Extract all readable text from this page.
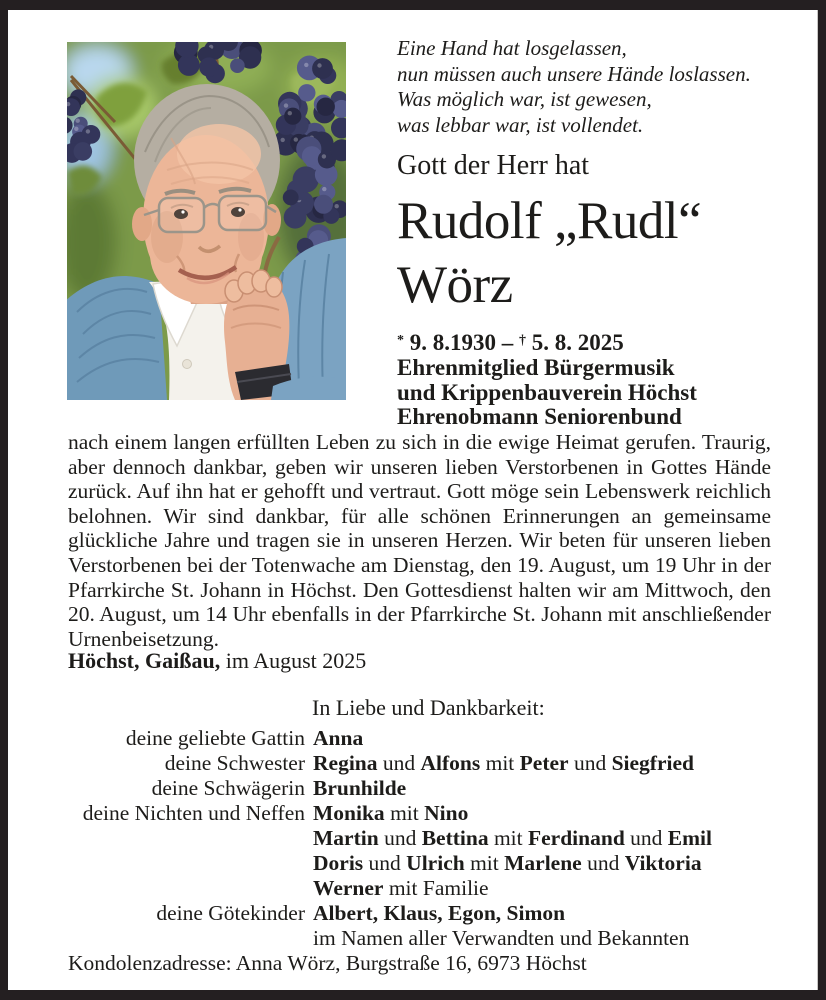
Eine Hand hat losgelassen,
nun müssen auch unsere Hände loslassen.
Was möglich war, ist gewesen,
was lebbar war, ist vollendet.
Gott der Herr hat
Rudolf „Rudl“
Wörz
* 9. 8.1930 – † 5. 8. 2025
Ehrenmitglied Bürgermusik
und Krippenbauverein Höchst
Ehrenobmann Seniorenbund
nach einem langen erfüllten Leben zu sich in die ewige Heimat gerufen. Traurig, aber dennoch dankbar, geben wir unseren lieben Verstorbenen in Gottes Hände zurück. Auf ihn hat er gehofft und vertraut. Gott möge sein Lebenswerk reichlich belohnen. Wir sind dankbar, für alle schönen Erinnerungen an gemeinsame glückliche Jahre und tragen sie in unseren Herzen. Wir beten für unseren lieben Verstorbenen bei der Totenwache am Dienstag, den 19. August, um 19 Uhr in der Pfarrkirche St. Johann in Höchst. Den Gottesdienst halten wir am Mittwoch, den 20. August, um 14 Uhr ebenfalls in der Pfarrkirche St. Johann mit anschließender Urnenbeisetzung.
Höchst, Gaißau, im August 2025
In Liebe und Dankbarkeit:
deine geliebte Gattin Anna
deine Schwester Regina und Alfons mit Peter und Siegfried
deine Schwägerin Brunhilde
deine Nichten und Neffen Monika mit Nino
Martin und Bettina mit Ferdinand und Emil
Doris und Ulrich mit Marlene und Viktoria
Werner mit Familie
deine Götekinder Albert, Klaus, Egon, Simon
im Namen aller Verwandten und Bekannten
Kondolenzadresse: Anna Wörz, Burgstraße 16, 6973 Höchst
